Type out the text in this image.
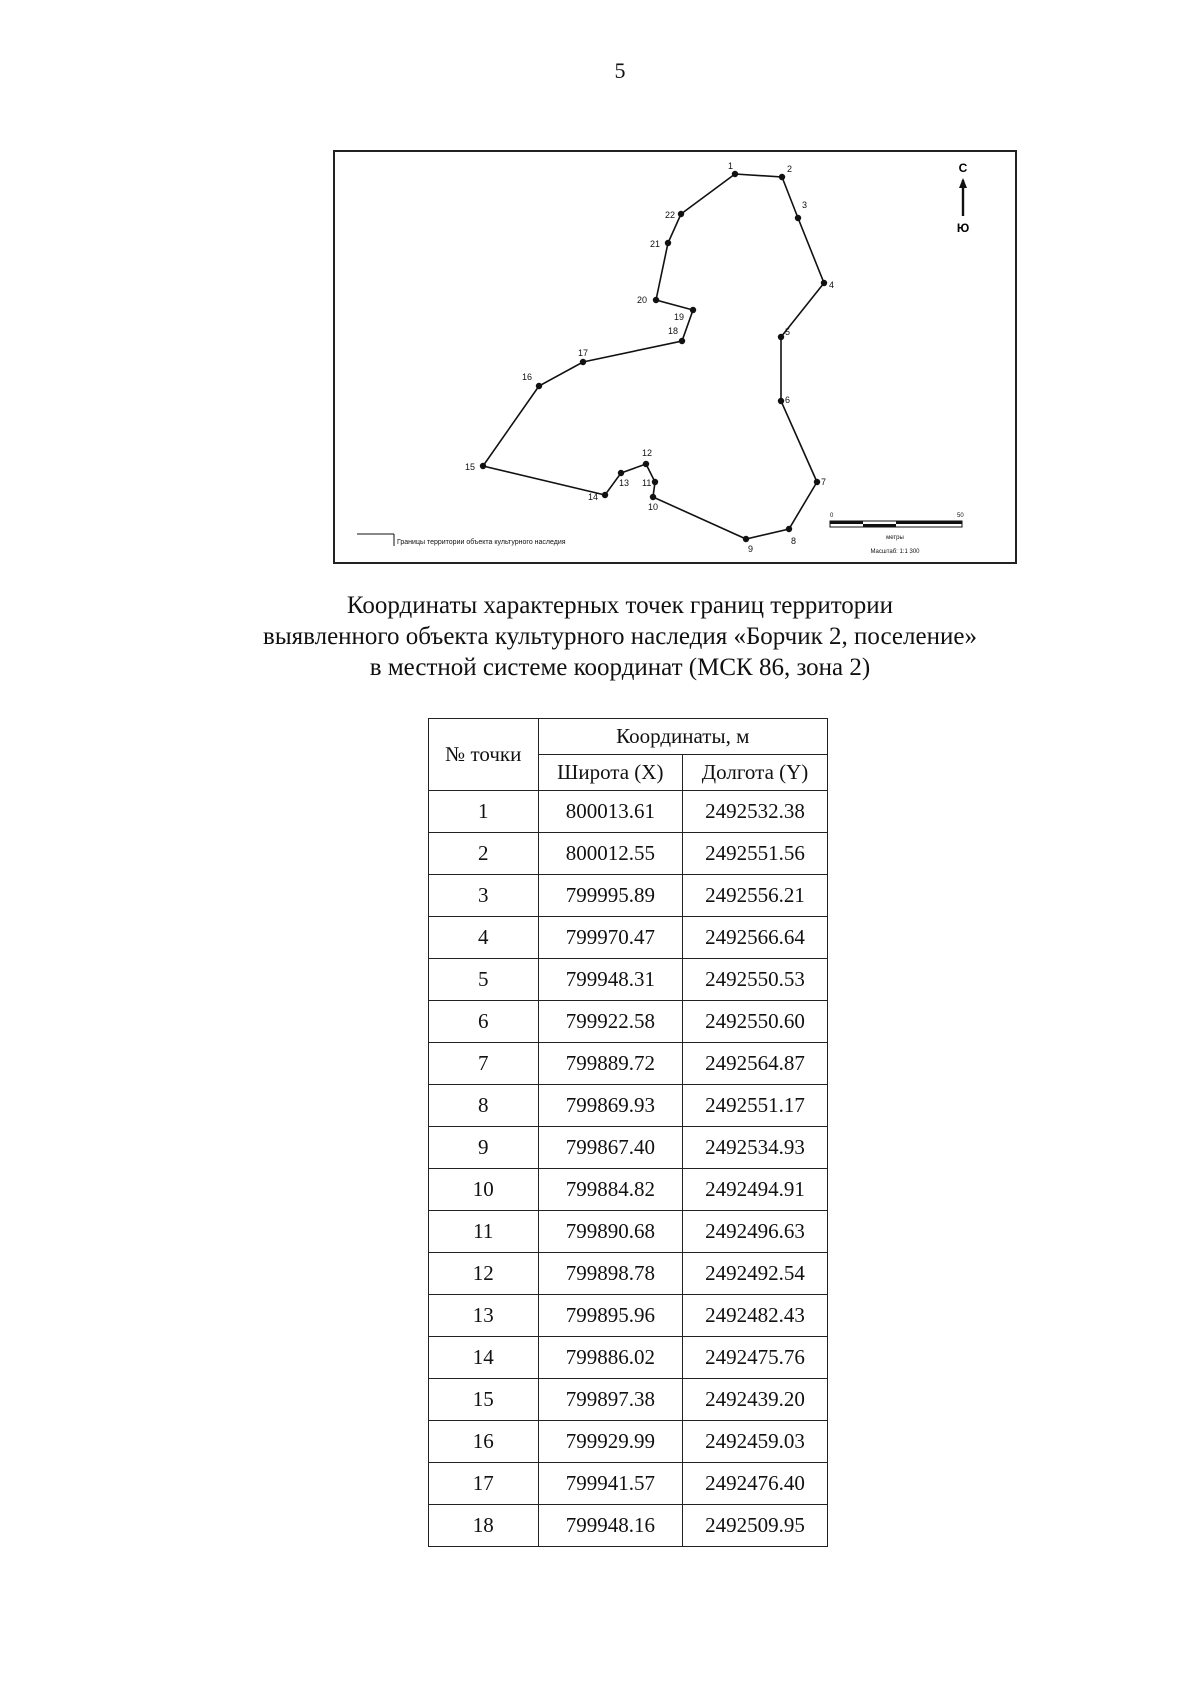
5
1	2
3
4
5
6
7
8
9
10
11
12
13
14
15
16
17
18
19
20
21
22
С
Ю
Границы территории объекта культурного наследия
0	50
метры
Масштаб: 1:1 300
Координаты характерных точек границ территории
выявленного объекта культурного наследия «Борчик 2, поселение»
в местной системе координат (МСК 86, зона 2)
№ точки	Координаты, м	
	Широта (X)	Долгота (Y)
1	800013.61	2492532.38
2	800012.55	2492551.56
3	799995.89	2492556.21
4	799970.47	2492566.64
5	799948.31	2492550.53
6	799922.58	2492550.60
7	799889.72	2492564.87
8	799869.93	2492551.17
9	799867.40	2492534.93
10	799884.82	2492494.91
11	799890.68	2492496.63
12	799898.78	2492492.54
13	799895.96	2492482.43
14	799886.02	2492475.76
15	799897.38	2492439.20
16	799929.99	2492459.03
17	799941.57	2492476.40
18	799948.16	2492509.95
